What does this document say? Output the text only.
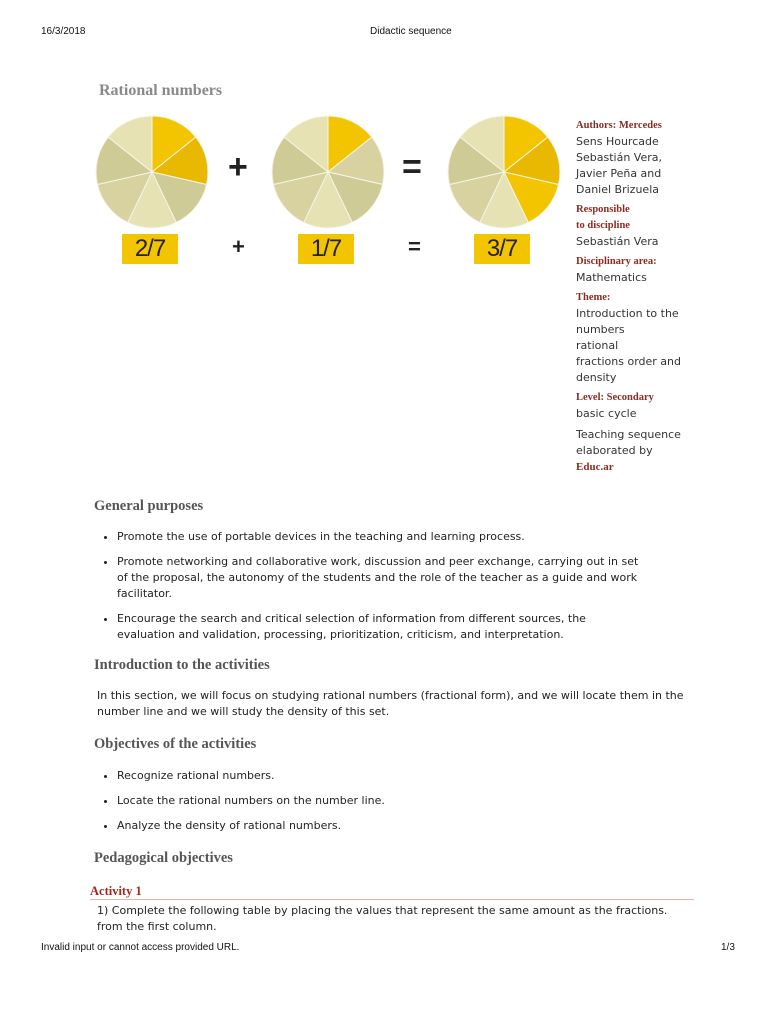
16/3/2018	Didactic sequence
Rational numbers
+	=
2/7	+	1/7	=	3/7
Authors: Mercedes
Sens Hourcade
Sebastián Vera,
Javier Peña and
Daniel Brizuela
Responsible
to discipline
Sebastián Vera
Disciplinary area:
Mathematics
Theme:
Introduction to the
numbers
rational
fractions order and
density
Level: Secondary
basic cycle
Teaching sequence
elaborated by
Educ.ar
General purposes
• Promote the use of portable devices in the teaching and learning process.
• Promote networking and collaborative work, discussion and peer exchange, carrying out in set of the proposal, the autonomy of the students and the role of the teacher as a guide and work facilitator.
• Encourage the search and critical selection of information from different sources, the evaluation and validation, processing, prioritization, criticism, and interpretation.
Introduction to the activities
In this section, we will focus on studying rational numbers (fractional form), and we will locate them in the number line and we will study the density of this set.
Objectives of the activities
• Recognize rational numbers.
• Locate the rational numbers on the number line.
• Analyze the density of rational numbers.
Pedagogical objectives
Activity 1
1) Complete the following table by placing the values that represent the same amount as the fractions. from the first column.
Invalid input or cannot access provided URL.	1/3
